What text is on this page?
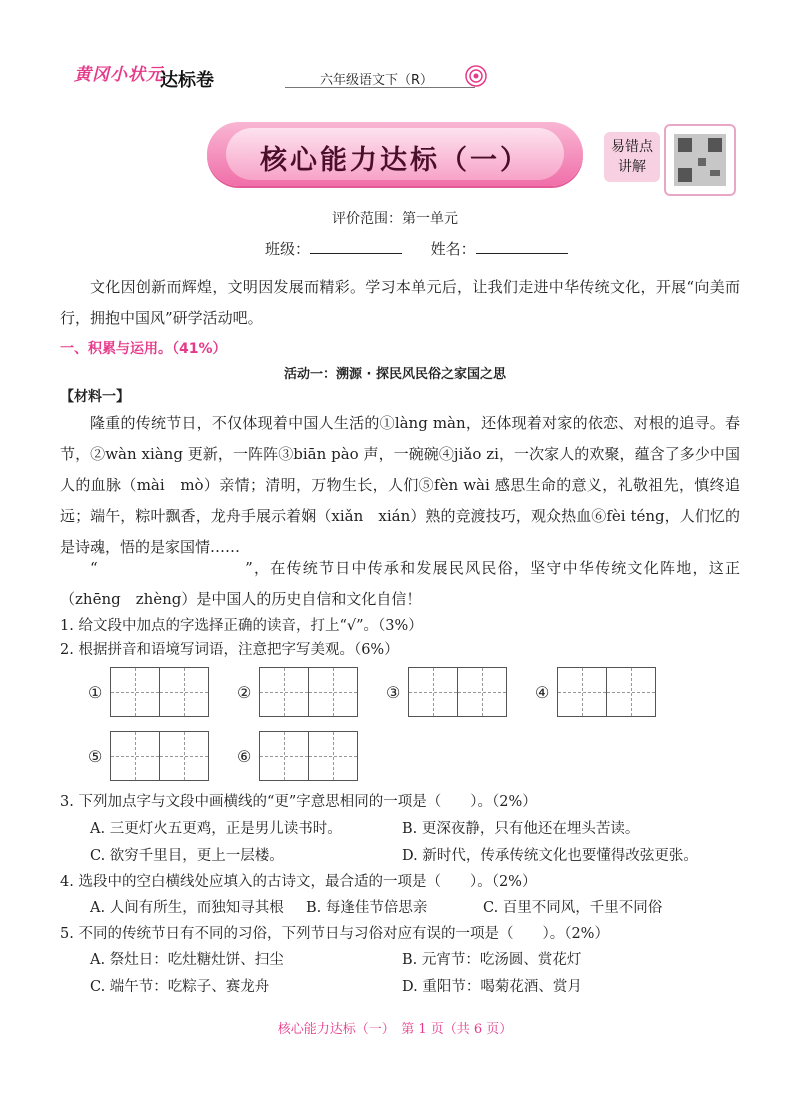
黄冈小状元
达标卷	六年级语文下（R）
核心能力达标（一）	易错点
讲解
评价范围：第一单元
班级：	姓名：
文化因创新而辉煌，文明因发展而精彩。学习本单元后，让我们走进中华传统文化，开展“向美而行，拥抱中国风”研学活动吧。
一、积累与运用。（41%）
活动一：溯源 · 探民风民俗之家国之思
【材料一】
隆重的传统节日，不仅体现着中国人生活的①làng màn，还体现着对家的依恋、对根的追寻。春节，②wàn xiàng 更新，一阵阵③biān pào 声，一碗碗④jiǎo zi，一次家人的欢聚，蕴含了多少中国人的血脉（mài　mò）亲情；清明，万物生长，人们⑤fèn wài 感思生命的意义，礼敬祖先，慎终追远；端午，粽叶飘香，龙舟手展示着娴（xiǎn　xián）熟的竞渡技巧，观众热血⑥fèi téng，人们忆的是诗魂，悟的是家国情……
“　　　　　　　　　”，在传统节日中传承和发展民风民俗，坚守中华传统文化阵地，这正（zhēng　zhèng）是中国人的历史自信和文化自信！
1. 给文段中加点的字选择正确的读音，打上“√”。（3%）
2. 根据拼音和语境写词语，注意把字写美观。（6%）
①	②	③	④
⑤	⑥
3. 下列加点字与文段中画横线的“更”字意思相同的一项是（　　）。（2%）
A. 三更灯火五更鸡，正是男儿读书时。	B. 更深夜静，只有他还在埋头苦读。
C. 欲穷千里目，更上一层楼。	D. 新时代，传承传统文化也要懂得改弦更张。
4. 选段中的空白横线处应填入的古诗文，最合适的一项是（　　）。（2%）
A. 人间有所生，而独知寻其根 B. 每逢佳节倍思亲	C. 百里不同风，千里不同俗
5. 不同的传统节日有不同的习俗，下列节日与习俗对应有误的一项是（　　）。（2%）
A. 祭灶日：吃灶糖灶饼、扫尘	B. 元宵节：吃汤圆、赏花灯
C. 端午节：吃粽子、赛龙舟	D. 重阳节：喝菊花酒、赏月
核心能力达标（一）　第 1 页（共 6 页）
